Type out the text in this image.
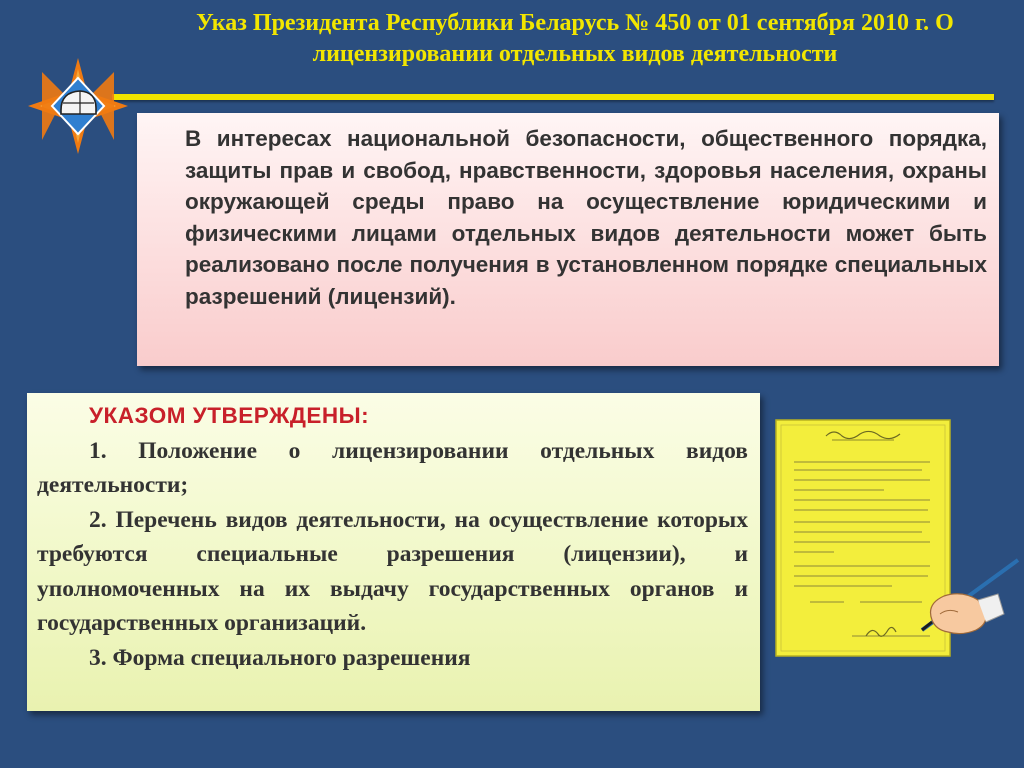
Указ Президента Республики Беларусь № 450 от 01 сентября 2010 г. О лицензировании отдельных видов деятельности

В интересах национальной безопасности, общественного порядка, защиты прав и свобод, нравственности, здоровья населения, охраны окружающей среды право на осуществление юридическими и физическими лицами отдельных видов деятельности может быть реализовано после получения в установленном порядке специальных разрешений (лицензий).

УКАЗОМ УТВЕРЖДЕНЫ:
1. Положение о лицензировании отдельных видов деятельности;
2. Перечень видов деятельности, на осуществление которых требуются специальные разрешения (лицензии), и уполномоченных на их выдачу государственных органов и государственных организаций.
3. Форма специального разрешения
